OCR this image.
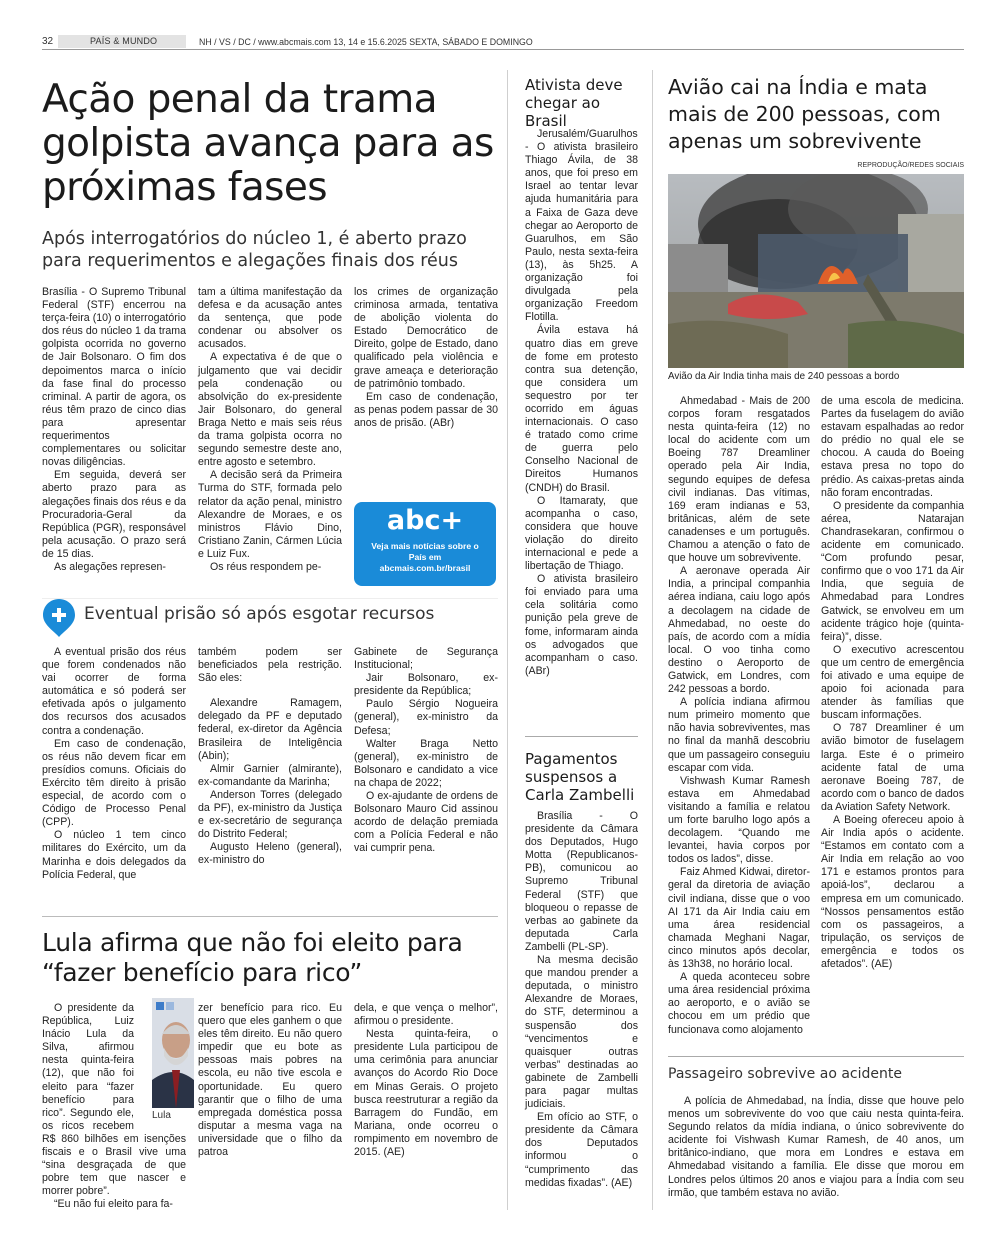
32	PAÍS & MUNDO	NH / VS / DC / www.abcmais.com 13, 14 e 15.6.2025 SEXTA, SÁBADO E DOMINGO
Ação penal da trama golpista avança para as próximas fases
Após interrogatórios do núcleo 1, é aberto prazo para requerimentos e alegações finais dos réus

Brasília - O Supremo Tribunal Federal (STF) encerrou na terça-feira (10) o interrogatório dos réus do núcleo 1 da trama golpista ocorrida no governo de Jair Bolsonaro. O fim dos depoimentos marca o início da fase final do processo criminal. A partir de agora, os réus têm prazo de cinco dias para apresentar requerimentos complementares ou solicitar novas diligências.

Em seguida, deverá ser aberto prazo para as alegações finais dos réus e da Procuradoria-Geral da República (PGR), responsável pela acusação. O prazo será de 15 dias.

As alegações represen-

tam a última manifestação da defesa e da acusação antes da sentença, que pode condenar ou absolver os acusados.

A expectativa é de que o julgamento que vai decidir pela condenação ou absolvição do ex-presidente Jair Bolsonaro, do general Braga Netto e mais seis réus da trama golpista ocorra no segundo semestre deste ano, entre agosto e setembro.

A decisão será da Primeira Turma do STF, formada pelo relator da ação penal, ministro Alexandre de Moraes, e os ministros Flávio Dino, Cristiano Zanin, Cármen Lúcia e Luiz Fux.

Os réus respondem pe-

los crimes de organização criminosa armada, tentativa de abolição violenta do Estado Democrático de Direito, golpe de Estado, dano qualificado pela violência e grave ameaça e deterioração de patrimônio tombado.

Em caso de condenação, as penas podem passar de 30 anos de prisão. (ABr)

abc+
Veja mais notícias sobre o País em
abcmais.com.br/brasil
Eventual prisão só após esgotar recursos

A eventual prisão dos réus que forem condenados não vai ocorrer de forma automática e só poderá ser efetivada após o julgamento dos recursos dos acusados contra a condenação.

Em caso de condenação, os réus não devem ficar em presídios comuns. Oficiais do Exército têm direito à prisão especial, de acordo com o Código de Processo Penal (CPP).

O núcleo 1 tem cinco militares do Exército, um da Marinha e dois delegados da Polícia Federal, que

também podem ser beneficiados pela restrição. São eles:

Alexandre Ramagem, delegado da PF e deputado federal, ex-diretor da Agência Brasileira de Inteligência (Abin);

Almir Garnier (almirante), ex-comandante da Marinha;

Anderson Torres (delegado da PF), ex-ministro da Justiça e ex-secretário de segurança do Distrito Federal;

Augusto Heleno (general), ex-ministro do

Gabinete de Segurança Institucional;

Jair Bolsonaro, ex-presidente da República;

Paulo Sérgio Nogueira (general), ex-ministro da Defesa;

Walter Braga Netto (general), ex-ministro de Bolsonaro e candidato a vice na chapa de 2022;

O ex-ajudante de ordens de Bolsonaro Mauro Cid assinou acordo de delação premiada com a Polícia Federal e não vai cumprir pena.

Lula afirma que não foi eleito para “fazer benefício para rico”

O presidente da República, Luiz Inácio Lula da Silva, afirmou nesta quinta-feira (12), que não foi eleito para “fazer benefício para rico”. Segundo ele, os ricos recebem R$ 860 bilhões em isenções fiscais e o Brasil vive uma “sina desgraçada de que pobre tem que nascer e morrer pobre”.

“Eu não fui eleito para fa-

Lula

zer benefício para rico. Eu quero que eles ganhem o que eles têm direito. Eu não quero impedir que eu bote as pessoas mais pobres na escola, eu não tive escola e oportunidade. Eu quero garantir que o filho de uma empregada doméstica possa disputar a mesma vaga na universidade que o filho da patroa

dela, e que vença o melhor”, afirmou o presidente.

Nesta quinta-feira, o presidente Lula participou de uma cerimônia para anunciar avanços do Acordo Rio Doce em Minas Gerais. O projeto busca reestruturar a região da Barragem do Fundão, em Mariana, onde ocorreu o rompimento em novembro de 2015. (AE)

Ativista deve chegar ao Brasil

Jerusalém/Guarulhos - O ativista brasileiro Thiago Ávila, de 38 anos, que foi preso em Israel ao tentar levar ajuda humanitária para a Faixa de Gaza deve chegar ao Aeroporto de Guarulhos, em São Paulo, nesta sexta-feira (13), às 5h25. A organização foi divulgada pela organização Freedom Flotilla.

Ávila estava há quatro dias em greve de fome em protesto contra sua detenção, que considera um sequestro por ter ocorrido em águas internacionais. O caso é tratado como crime de guerra pelo Conselho Nacional de Direitos Humanos (CNDH) do Brasil.

O Itamaraty, que acompanha o caso, considera que houve violação do direito internacional e pede a libertação de Thiago.

O ativista brasileiro foi enviado para uma cela solitária como punição pela greve de fome, informaram ainda os advogados que acompanham o caso. (ABr)

Pagamentos suspensos a Carla Zambelli

Brasília - O presidente da Câmara dos Deputados, Hugo Motta (Republicanos-PB), comunicou ao Supremo Tribunal Federal (STF) que bloqueou o repasse de verbas ao gabinete da deputada Carla Zambelli (PL-SP).

Na mesma decisão que mandou prender a deputada, o ministro Alexandre de Moraes, do STF, determinou a suspensão dos “vencimentos e quaisquer outras verbas” destinadas ao gabinete de Zambelli para pagar multas judiciais.

Em ofício ao STF, o presidente da Câmara dos Deputados informou o “cumprimento das medidas fixadas”. (AE)

Avião cai na Índia e mata mais de 200 pessoas, com apenas um sobrevivente
REPRODUÇÃO/REDES SOCIAIS
Avião da Air India tinha mais de 240 pessoas a bordo

Ahmedabad - Mais de 200 corpos foram resgatados nesta quinta-feira (12) no local do acidente com um Boeing 787 Dreamliner operado pela Air India, segundo equipes de defesa civil indianas. Das vítimas, 169 eram indianas e 53, britânicas, além de sete canadenses e um português. Chamou a atenção o fato de que houve um sobrevivente.

A aeronave operada Air India, a principal companhia aérea indiana, caiu logo após a decolagem na cidade de Ahmedabad, no oeste do país, de acordo com a mídia local. O voo tinha como destino o Aeroporto de Gatwick, em Londres, com 242 pessoas a bordo.

A polícia indiana afirmou num primeiro momento que não havia sobreviventes, mas no final da manhã descobriu que um passageiro conseguiu escapar com vida.

Vishwash Kumar Ramesh estava em Ahmedabad visitando a família e relatou um forte barulho logo após a decolagem. “Quando me levantei, havia corpos por todos os lados”, disse.

Faiz Ahmed Kidwai, diretor-geral da diretoria de aviação civil indiana, disse que o voo AI 171 da Air India caiu em uma área residencial chamada Meghani Nagar, cinco minutos após decolar, às 13h38, no horário local.

A queda aconteceu sobre uma área residencial próxima ao aeroporto, e o avião se chocou em um prédio que funcionava como alojamento

de uma escola de medicina. Partes da fuselagem do avião estavam espalhadas ao redor do prédio no qual ele se chocou. A cauda do Boeing estava presa no topo do prédio. As caixas-pretas ainda não foram encontradas.

O presidente da companhia aérea, Natarajan Chandrasekaran, confirmou o acidente em comunicado. “Com profundo pesar, confirmo que o voo 171 da Air India, que seguia de Ahmedabad para Londres Gatwick, se envolveu em um acidente trágico hoje (quinta-feira)”, disse.

O executivo acrescentou que um centro de emergência foi ativado e uma equipe de apoio foi acionada para atender às famílias que buscam informações.

O 787 Dreamliner é um avião bimotor de fuselagem larga. Este é o primeiro acidente fatal de uma aeronave Boeing 787, de acordo com o banco de dados da Aviation Safety Network.

A Boeing ofereceu apoio à Air India após o acidente. “Estamos em contato com a Air India em relação ao voo 171 e estamos prontos para apoiá-los”, declarou a empresa em um comunicado. “Nossos pensamentos estão com os passageiros, a tripulação, os serviços de emergência e todos os afetados”. (AE)

Passageiro sobrevive ao acidente

A polícia de Ahmedabad, na Índia, disse que houve pelo menos um sobrevivente do voo que caiu nesta quinta-feira. Segundo relatos da mídia indiana, o único sobrevivente do acidente foi Vishwash Kumar Ramesh, de 40 anos, um britânico-indiano, que mora em Londres e estava em Ahmedabad visitando a família. Ele disse que morou em Londres pelos últimos 20 anos e viajou para a Índia com seu irmão, que também estava no avião.
